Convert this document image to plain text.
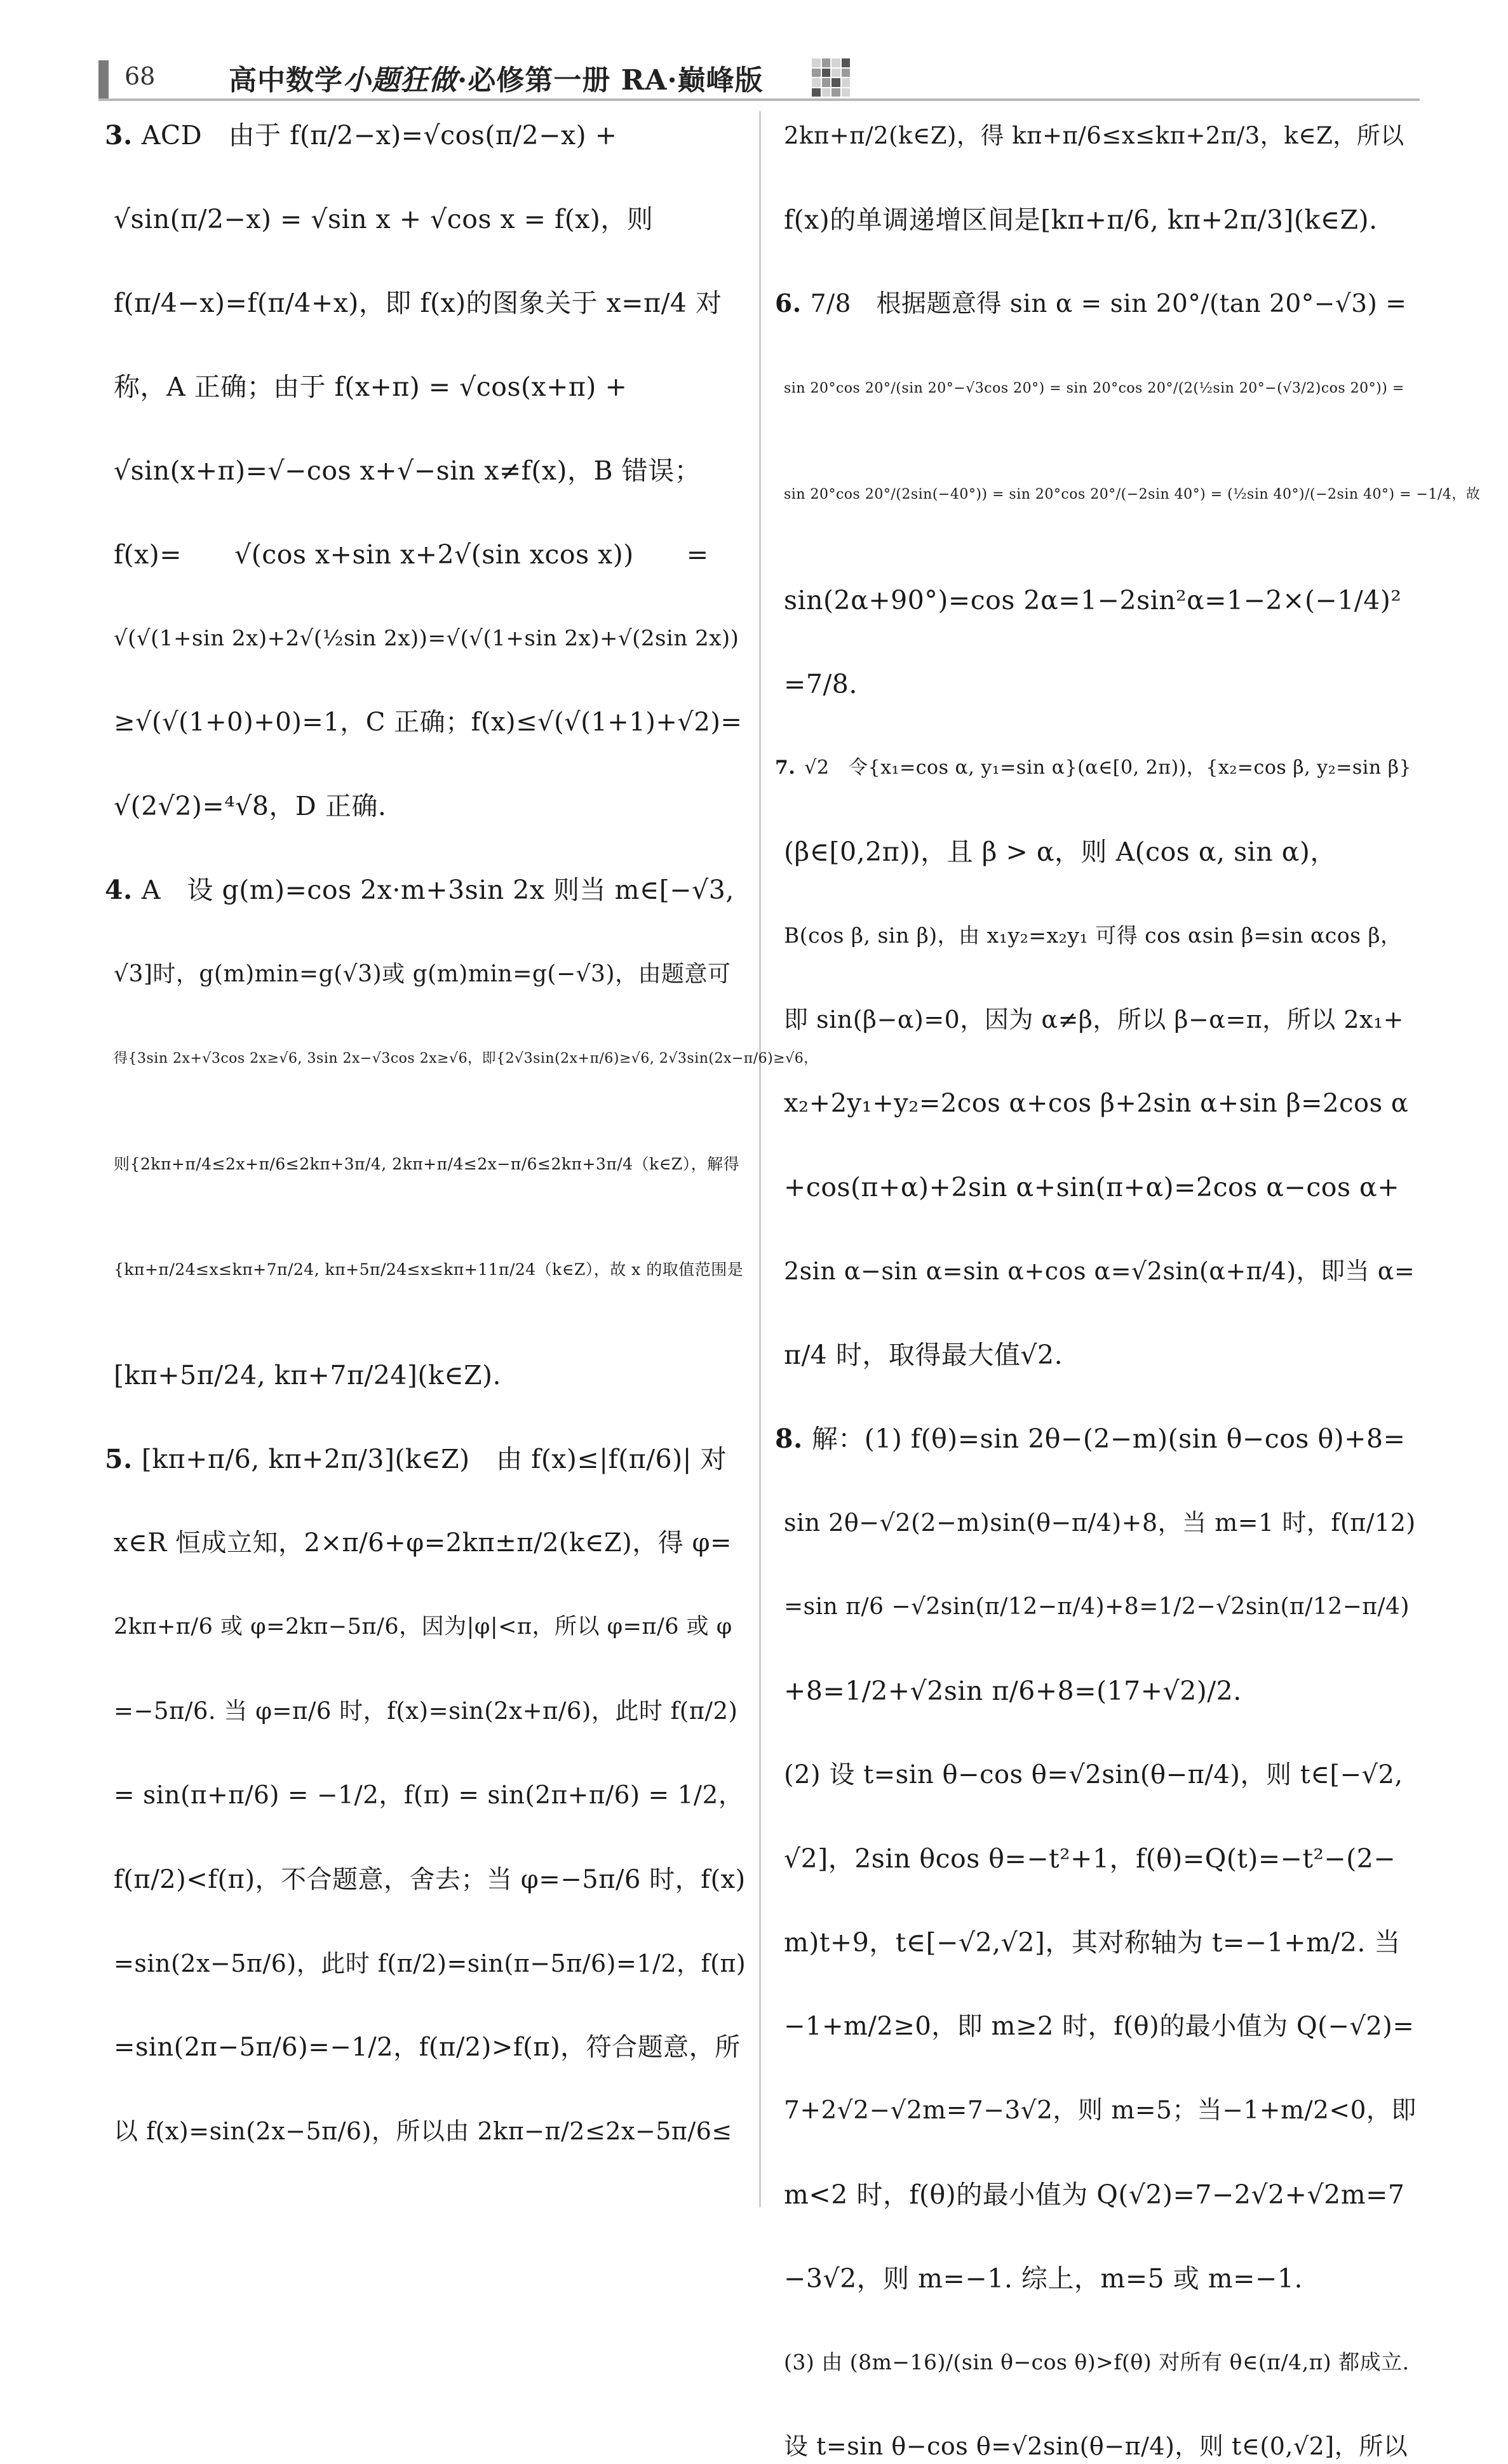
68	高中数学小题狂做·必修第一册 RA·巅峰版
3. ACD　由于 f(π/2−x)=√cos(π/2−x) +
√sin(π/2−x) = √sin x + √cos x = f(x)，则
f(π/4−x)=f(π/4+x)，即 f(x)的图象关于 x=π/4 对
称，A 正确；由于 f(x+π) = √cos(x+π) +
√sin(x+π)=√−cos x+√−sin x≠f(x)，B 错误；
f(x)=　　√(cos x+sin x+2√(sin xcos x))　　=
√(√(1+sin 2x)+2√(½sin 2x))=√(√(1+sin 2x)+√(2sin 2x))
≥√(√(1+0)+0)=1，C 正确；f(x)≤√(√(1+1)+√2)=
√(2√2)=⁴√8，D 正确.
4. A　设 g(m)=cos 2x·m+3sin 2x 则当 m∈[−√3,
√3]时，g(m)min=g(√3)或 g(m)min=g(−√3)，由题意可
得{3sin 2x+√3cos 2x≥√6, 3sin 2x−√3cos 2x≥√6，即{2√3sin(2x+π/6)≥√6, 2√3sin(2x−π/6)≥√6，
则{2kπ+π/4≤2x+π/6≤2kπ+3π/4, 2kπ+π/4≤2x−π/6≤2kπ+3π/4（k∈Z），解得
{kπ+π/24≤x≤kπ+7π/24, kπ+5π/24≤x≤kπ+11π/24（k∈Z），故 x 的取值范围是
[kπ+5π/24, kπ+7π/24](k∈Z).
5. [kπ+π/6, kπ+2π/3](k∈Z)　由 f(x)≤|f(π/6)| 对
x∈R 恒成立知，2×π/6+φ=2kπ±π/2(k∈Z)，得 φ=
2kπ+π/6 或 φ=2kπ−5π/6，因为|φ|<π，所以 φ=π/6 或 φ
=−5π/6. 当 φ=π/6 时，f(x)=sin(2x+π/6)，此时 f(π/2)
= sin(π+π/6) = −1/2，f(π) = sin(2π+π/6) = 1/2，
f(π/2)<f(π)，不合题意，舍去；当 φ=−5π/6 时，f(x)
=sin(2x−5π/6)，此时 f(π/2)=sin(π−5π/6)=1/2，f(π)
=sin(2π−5π/6)=−1/2，f(π/2)>f(π)，符合题意，所
以 f(x)=sin(2x−5π/6)，所以由 2kπ−π/2≤2x−5π/6≤
2kπ+π/2(k∈Z)，得 kπ+π/6≤x≤kπ+2π/3，k∈Z，所以
f(x)的单调递增区间是[kπ+π/6, kπ+2π/3](k∈Z).
6. 7/8　根据题意得 sin α = sin 20°/(tan 20°−√3) =
sin 20°cos 20°/(sin 20°−√3cos 20°) = sin 20°cos 20°/(2(½sin 20°−(√3/2)cos 20°)) =
sin 20°cos 20°/(2sin(−40°)) = sin 20°cos 20°/(−2sin 40°) = (½sin 40°)/(−2sin 40°) = −1/4，故
sin(2α+90°)=cos 2α=1−2sin²α=1−2×(−1/4)²
=7/8.
7. √2　令{x₁=cos α, y₁=sin α}(α∈[0, 2π))，{x₂=cos β, y₂=sin β}
(β∈[0,2π))，且 β > α，则 A(cos α, sin α)，
B(cos β, sin β)，由 x₁y₂=x₂y₁ 可得 cos αsin β=sin αcos β，
即 sin(β−α)=0，因为 α≠β，所以 β−α=π，所以 2x₁+
x₂+2y₁+y₂=2cos α+cos β+2sin α+sin β=2cos α
+cos(π+α)+2sin α+sin(π+α)=2cos α−cos α+
2sin α−sin α=sin α+cos α=√2sin(α+π/4)，即当 α=
π/4 时，取得最大值√2.
8. 解：(1) f(θ)=sin 2θ−(2−m)(sin θ−cos θ)+8=
sin 2θ−√2(2−m)sin(θ−π/4)+8，当 m=1 时，f(π/12)
=sin π/6 −√2sin(π/12−π/4)+8=1/2−√2sin(π/12−π/4)
+8=1/2+√2sin π/6+8=(17+√2)/2.
(2) 设 t=sin θ−cos θ=√2sin(θ−π/4)，则 t∈[−√2,
√2]，2sin θcos θ=−t²+1，f(θ)=Q(t)=−t²−(2−
m)t+9，t∈[−√2,√2]，其对称轴为 t=−1+m/2. 当
−1+m/2≥0，即 m≥2 时，f(θ)的最小值为 Q(−√2)=
7+2√2−√2m=7−3√2，则 m=5；当−1+m/2<0，即
m<2 时，f(θ)的最小值为 Q(√2)=7−2√2+√2m=7
−3√2，则 m=−1. 综上，m=5 或 m=−1.
(3) 由 (8m−16)/(sin θ−cos θ)>f(θ) 对所有 θ∈(π/4,π) 都成立.
设 t=sin θ−cos θ=√2sin(θ−π/4)，则 t∈(0,√2]，所以
